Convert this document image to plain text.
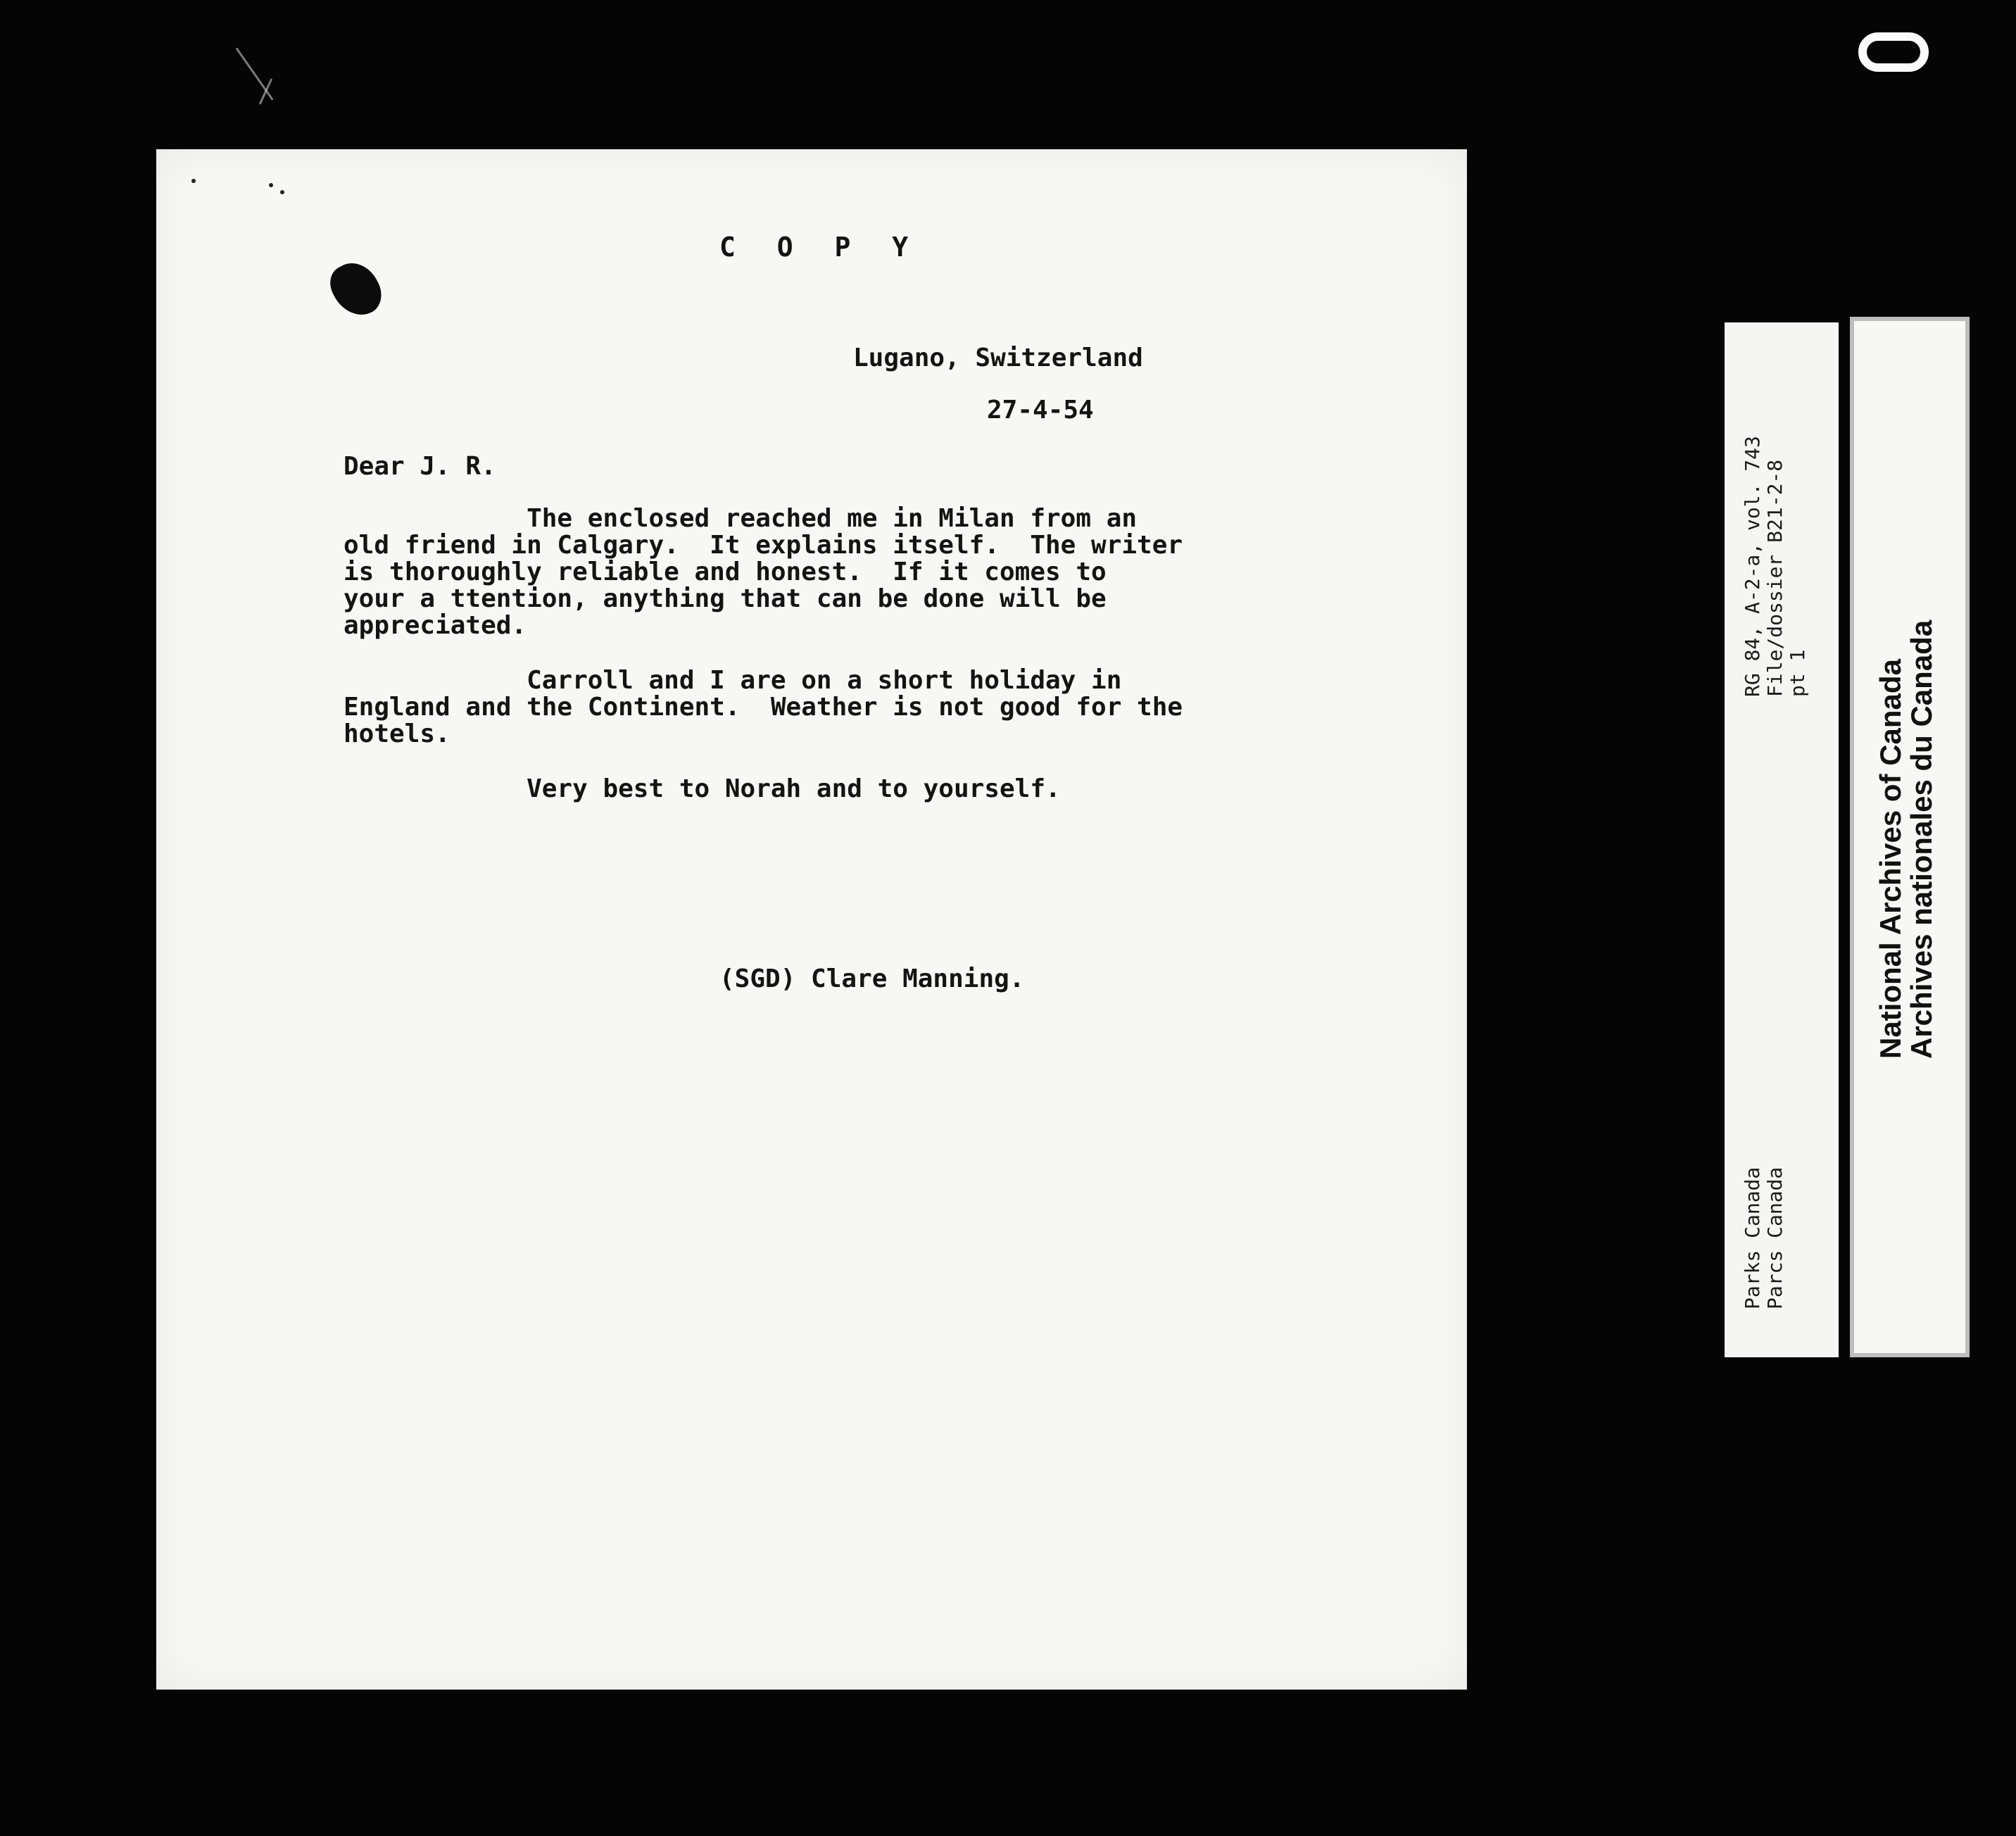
C O P Y

Lugano, Switzerland

27-4-54

Dear J. R.

The enclosed reached me in Milan from an

old friend in Calgary.  It explains itself.  The writer

is thoroughly reliable and honest.  If it comes to

your a ttention, anything that can be done will be

appreciated.

Carroll and I are on a short holiday in

England and the Continent.  Weather is not good for the

hotels.

Very best to Norah and to yourself.

(SGD) Clare Manning.

RG 84, A-2-a, vol. 743 File/dossier B21-2-8 pt 1
Parks Canada Parcs Canada
National Archives of Canada
Archives nationales du Canada
